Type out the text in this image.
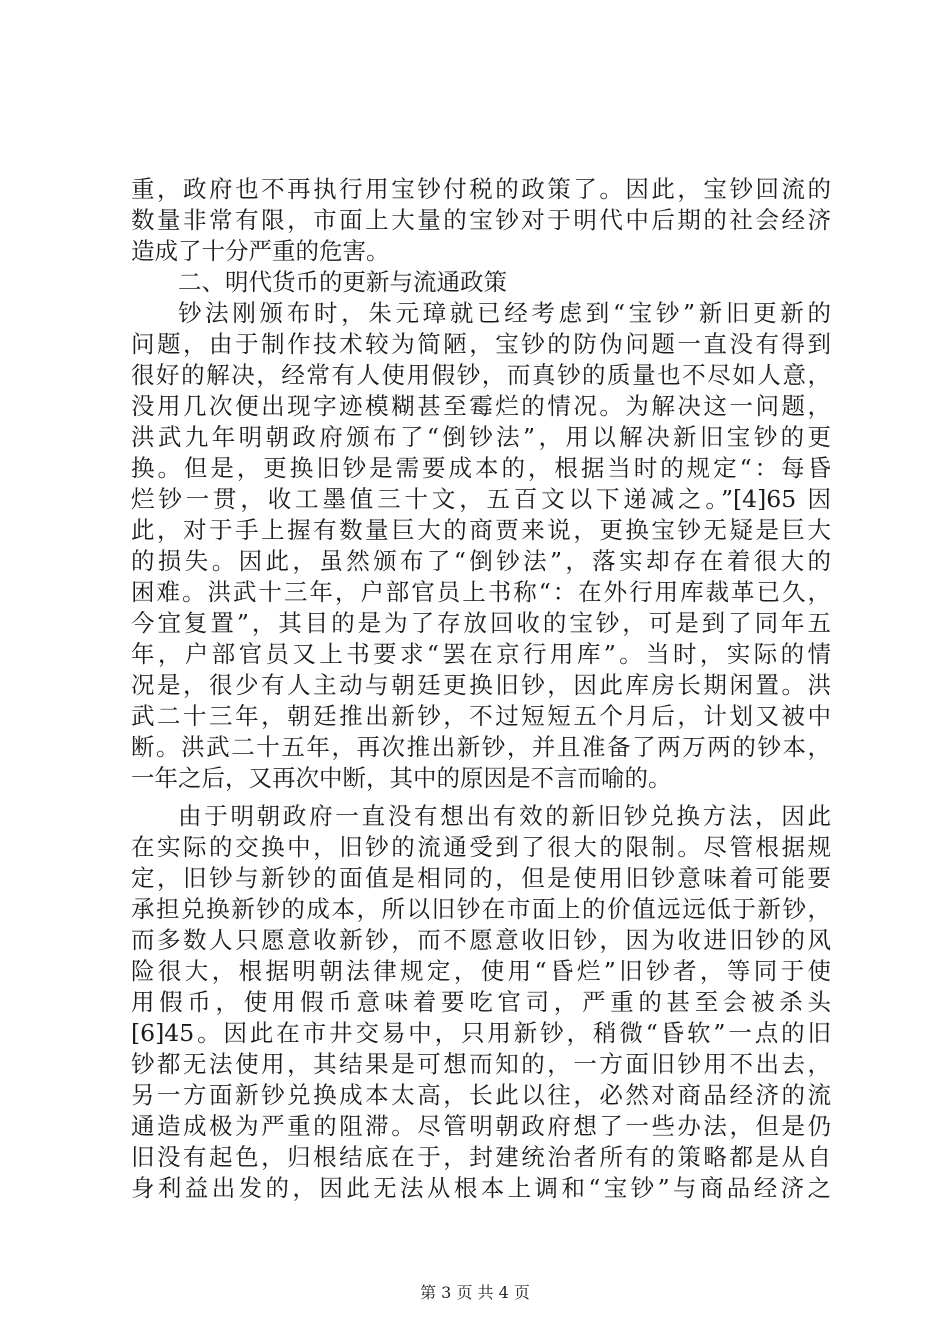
重，政府也不再执行用宝钞付税的政策了。因此，宝钞回流的
数量非常有限，市面上大量的宝钞对于明代中后期的社会经济
造成了十分严重的危害。
二、明代货币的更新与流通政策
钞法刚颁布时，朱元璋就已经考虑到“宝钞”新旧更新的
问题，由于制作技术较为简陋，宝钞的防伪问题一直没有得到
很好的解决，经常有人使用假钞，而真钞的质量也不尽如人意，
没用几次便出现字迹模糊甚至霉烂的情况。为解决这一问题，
洪武九年明朝政府颁布了“倒钞法”，用以解决新旧宝钞的更
换。但是，更换旧钞是需要成本的，根据当时的规定“：每昏
烂钞一贯，收工墨值三十文，五百文以下递减之。”[4]65 因
此，对于手上握有数量巨大的商贾来说，更换宝钞无疑是巨大
的损失。因此，虽然颁布了“倒钞法”，落实却存在着很大的
困难。洪武十三年，户部官员上书称“：在外行用库裁革已久，
今宜复置”，其目的是为了存放回收的宝钞，可是到了同年五
年，户部官员又上书要求“罢在京行用库”。当时，实际的情
况是，很少有人主动与朝廷更换旧钞，因此库房长期闲置。洪
武二十三年，朝廷推出新钞，不过短短五个月后，计划又被中
断。洪武二十五年，再次推出新钞，并且准备了两万两的钞本，
一年之后，又再次中断，其中的原因是不言而喻的。
由于明朝政府一直没有想出有效的新旧钞兑换方法，因此
在实际的交换中，旧钞的流通受到了很大的限制。尽管根据规
定，旧钞与新钞的面值是相同的，但是使用旧钞意味着可能要
承担兑换新钞的成本，所以旧钞在市面上的价值远远低于新钞，
而多数人只愿意收新钞，而不愿意收旧钞，因为收进旧钞的风
险很大，根据明朝法律规定，使用“昏烂”旧钞者，等同于使
用假币，使用假币意味着要吃官司，严重的甚至会被杀头
[6]45。因此在市井交易中，只用新钞，稍微“昏软”一点的旧
钞都无法使用，其结果是可想而知的，一方面旧钞用不出去，
另一方面新钞兑换成本太高，长此以往，必然对商品经济的流
通造成极为严重的阻滞。尽管明朝政府想了一些办法，但是仍
旧没有起色，归根结底在于，封建统治者所有的策略都是从自
身利益出发的，因此无法从根本上调和“宝钞”与商品经济之
第 3 页 共 4 页
